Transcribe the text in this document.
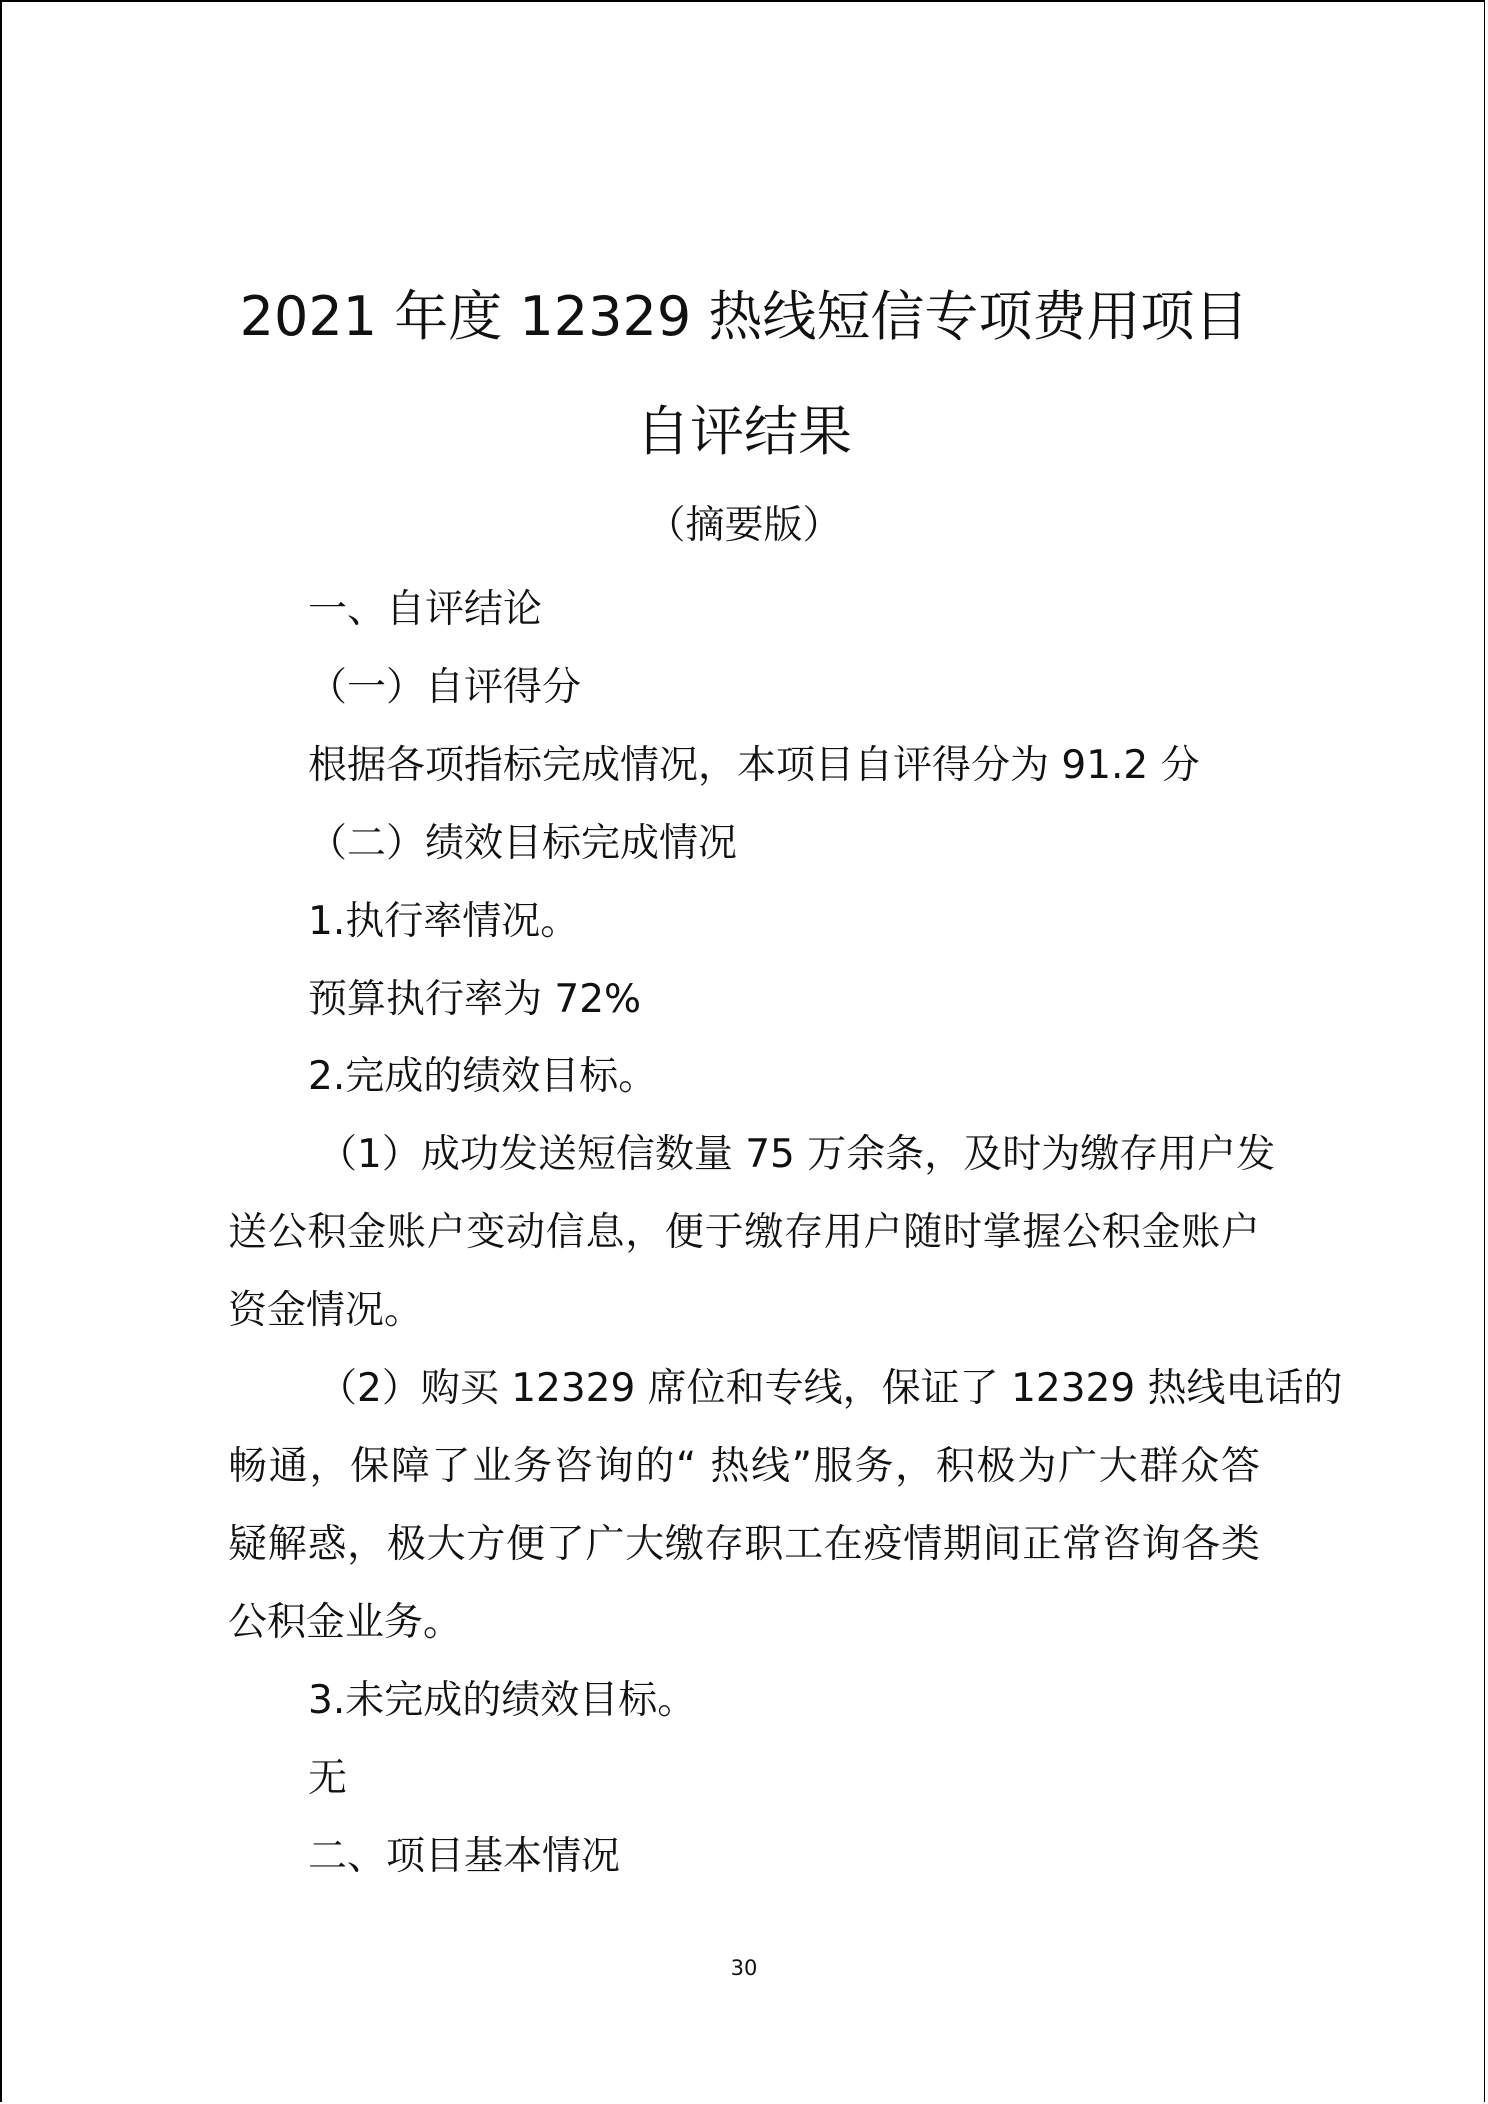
2021 年度 12329 热线短信专项费用项目
自评结果
（摘要版）
一、自评结论
（一）自评得分
根据各项指标完成情况，本项目自评得分为 91.2 分
（二）绩效目标完成情况
1.执行率情况。
预算执行率为 72%
2.完成的绩效目标。
（1）成功发送短信数量 75 万余条，及时为缴存用户发
送公积金账户变动信息，便于缴存用户随时掌握公积金账户
资金情况。
（2）购买 12329 席位和专线，保证了 12329 热线电话的
畅通，保障了业务咨询的“ 热线”服务，积极为广大群众答
疑解惑，极大方便了广大缴存职工在疫情期间正常咨询各类
公积金业务。
3.未完成的绩效目标。
无
二、项目基本情况
30
